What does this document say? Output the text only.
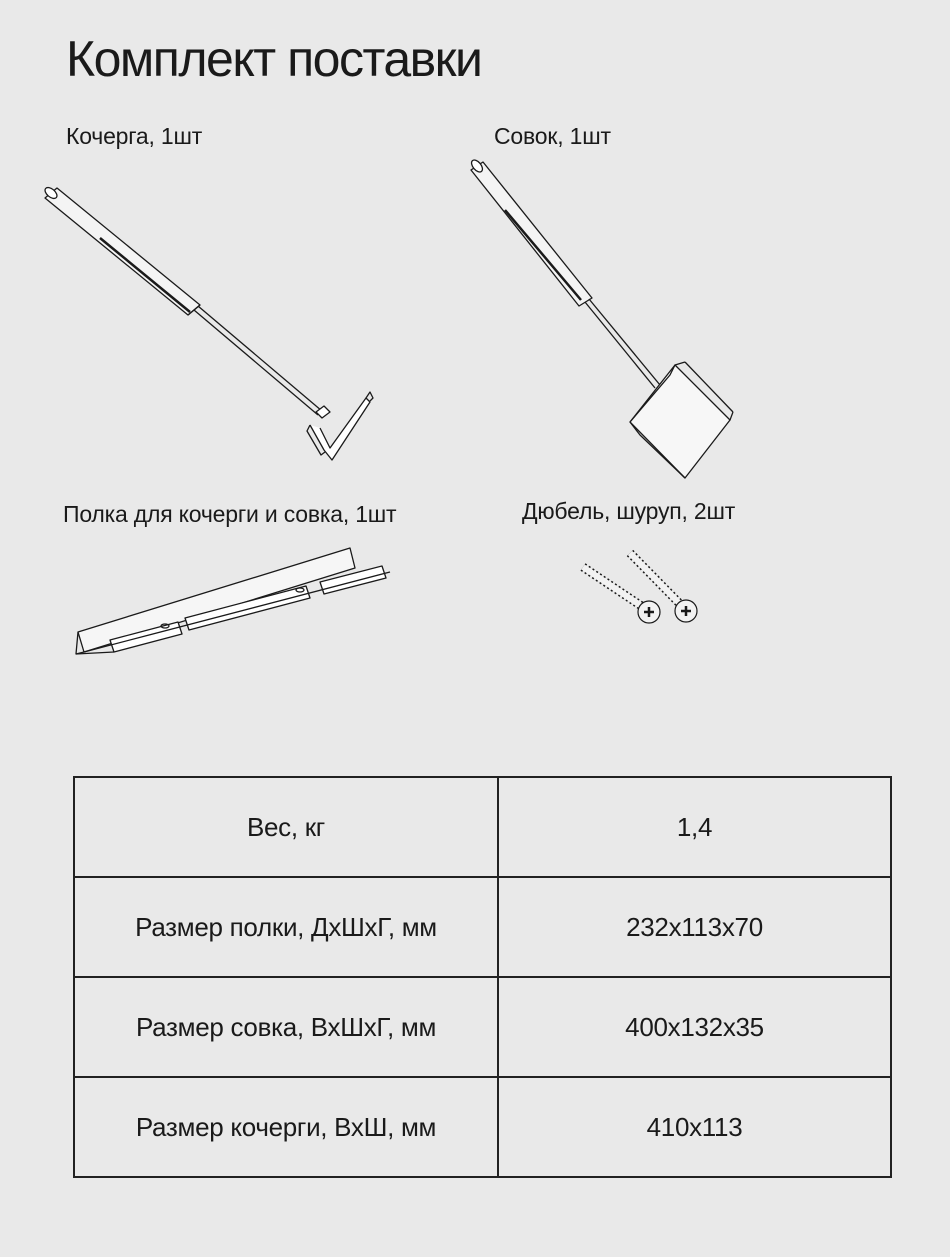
Комплект поставки
Кочерга, 1шт	Совок, 1шт
Полка для кочерги и совка, 1шт	Дюбель, шуруп, 2шт
Вес, кг	1,4
Размер полки, ДхШхГ, мм	232х113х70
Размер совка, ВхШхГ, мм	400х132х35
Размер кочерги, ВхШ, мм	410х113
